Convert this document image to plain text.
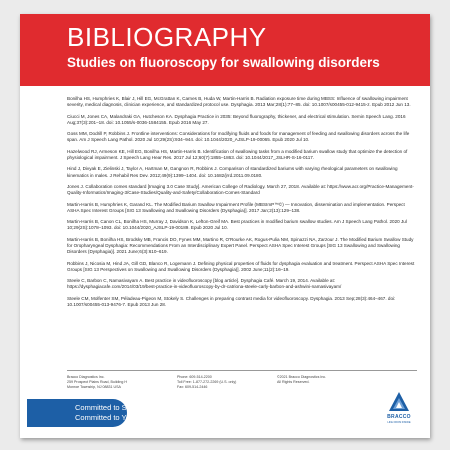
BIBLIOGRAPHY
Studies on fluoroscopy for swallowing disorders

Bonilha HS, Humphries K, Blair J, Hill EG, McGrattan K, Carnes B, Huda W, Martin-Harris B. Radiation exposure time during MBSS: Influence of swallowing impairment severity, medical diagnosis, clinician experience, and standardized protocol use. Dysphagia. 2013 Mar;28(1):77–85. doi: 10.1007/s00455-012-9415-z. Epub 2012 Jun 13.

Ciucci M, Jones CA, Malandraki GA, Hutcheson KA. Dysphagia Practice in 2035: Beyond fluorography, thickener, and electrical stimulation. Semin Speech Lang. 2016 Aug;37(3):201–18. doi: 10.1055/s-0036-1584155. Epub 2016 May 27.

Goss MM, Dodrill P, Robbins J. Frontline interventions: Considerations for modifying fluids and foods for management of feeding and swallowing disorders across the life span. Am J Speech Lang Pathol. 2020 Jul 10;29(2S):934–944. doi: 10.1044/2020_AJSLP-19-00065. Epub 2020 Jul 10.

Hazelwood RJ, Armeson KE, Hill EG, Bonilha HS, Martin-Harris B. Identification of swallowing tasks from a modified barium swallow study that optimize the detection of physiological impairment. J Speech Lang Hear Res. 2017 Jul 12;60(7):1855–1863. doi: 10.1044/2017_JSLHR-S-16-0117.

Hind J, Divyak E, Zielinski J, Taylor A, Hartman M, Gangnon R, Robbins J. Comparison of standardized bariums with varying rheological parameters on swallowing kinematics in males. J Rehabil Res Dev. 2012;49(9):1399–1404. doi: 10.1682/jrrd.2011.09.0180.

Jones J. Collaboration comes standard [Imaging 3.0 Case Study]. American College of Radiology. March 27, 2018. Available at: https://www.acr.org/Practice-Management-Quality-Informatics/Imaging-3/Case-Studies/Quality-and-Safety/Collaboration-Comes-Standard

Martin-Harris B, Humphries K, Garand KL. The Modified Barium Swallow Impairment Profile (MBSImP™©) — Innovation, dissemination and implementation. Perspect ASHA Spec Interest Groups [SIG 13 Swallowing and Swallowing Disorders (Dysphagia)]. 2017 Jan;2(13):129–138.

Martin-Harris B, Canon CL, Bonilha HS, Murray J, Davidson K, Lefton-Greif MA. Best practices in modified barium swallow studies. Am J Speech Lang Pathol. 2020 Jul 10;29(2S):1078–1093. doi: 10.1044/2020_AJSLP-19-00189. Epub 2020 Jul 10.

Martin-Harris B, Bonilha HS, Brodsky MB, Francis DO, Fynes MM, Martino R, O'Rourke AK, Rogus-Pulia NM, Spinazzi NA, Zarzour J. The Modified Barium Swallow Study for Oropharyngeal Dysphagia: Recommendations From an Interdisciplinary Expert Panel. Perspect ASHA Spec Interest Groups [SIG 13 Swallowing and Swallowing Disorders (Dysphagia)]. 2021 June;6(3):610–619.

Robbins J, Nicosia M, Hind JA, Gill GD, Blanco R, Logemann J. Defining physical properties of fluids for dysphagia evaluation and treatment. Perspect ASHA Spec Interest Groups [SIG 13 Perspectives on Swallowing and Swallowing Disorders (Dysphagia)]. 2002 June;11(2):16–19.

Steele C, Barbon C, Namasivayam A. Best practice in videofluoroscopy [blog article]. Dysphagia Café. March 19, 2014. Available at: https://dysphagiacafe.com/2014/03/19/best-practice-in-videofluoroscopy-by-dr-catriona-steele-carly-barbon-and-ashwini-namasivayam/

Steele CM, Molfenter SM, Péladeau-Pigeon M, Stokely S. Challenges in preparing contrast media for videofluoroscopy. Dysphagia. 2013 Sep;28(3):464–467. doi: 10.1007/s00455-013-9476-7. Epub 2013 Jun 28.

Bracco Diagnostics Inc.
259 Prospect Plains Road, Building H
Monroe Township, NJ 08831 USA
Phone: 609-514-2200
Toll Free: 1-877-272-2269 (U.S. only)
Fax: 609-514-2446
©2021 Bracco Diagnostics Inc.
All Rights Reserved.
Committed to Science,
Committed to You.™	BRACCO
LIFE FROM INSIDE
